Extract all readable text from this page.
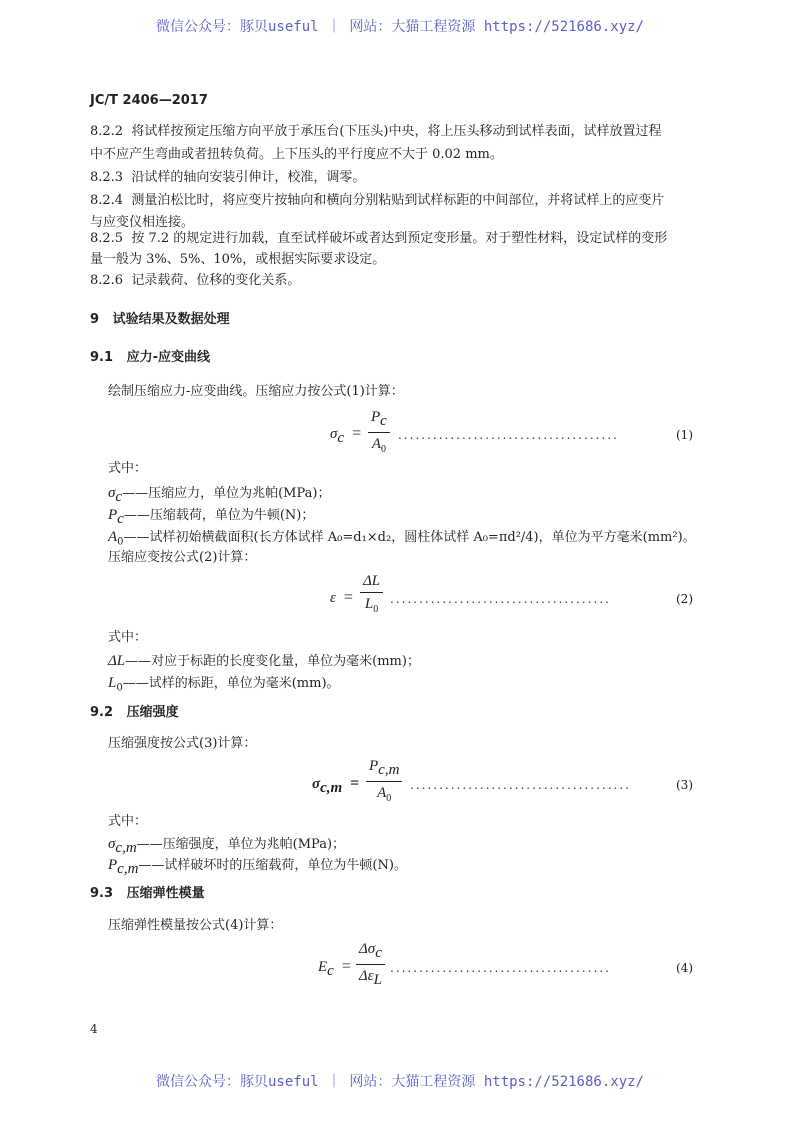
微信公众号：豚贝useful ｜ 网站：大猫工程资源 https://521686.xyz/
JC/T 2406—2017
8.2.2 将试样按预定压缩方向平放于承压台(下压头)中央，将上压头移动到试样表面，试样放置过程
中不应产生弯曲或者扭转负荷。上下压头的平行度应不大于 0.02 mm。
8.2.3 沿试样的轴向安装引伸计，校准，调零。
8.2.4 测量泊松比时，将应变片按轴向和横向分别粘贴到试样标距的中间部位，并将试样上的应变片
与应变仪相连接。
8.2.5 按 7.2 的规定进行加载，直至试样破坏或者达到预定变形量。对于塑性材料，设定试样的变形
量一般为 3%、5%、10%，或根据实际要求设定。
8.2.6 记录载荷、位移的变化关系。
9 试验结果及数据处理
9.1 应力-应变曲线
绘制压缩应力-应变曲线。压缩应力按公式(1)计算：
$\sigma_c = \frac{P_c}{A_0}$ ......................................	(1)
式中：
$\sigma_c——$压缩应力，单位为兆帕(MPa)；
$P_c——$压缩载荷，单位为牛顿(N)；
$A_0——$试样初始横截面积(长方体试样 A₀=d₁×d₂，圆柱体试样 A₀=πd²/4)，单位为平方毫米(mm²)。
压缩应变按公式(2)计算：
$\varepsilon = \frac{\Delta L}{L_0}$ ......................................	(2)
式中：
ΔL——对应于标距的长度变化量，单位为毫米(mm)；
$L_0——$试样的标距，单位为毫米(mm)。
9.2 压缩强度
压缩强度按公式(3)计算：
$\sigma_{c,m} = \frac{P_{c,m}}{A_0}$ ......................................	(3)
式中：
$\sigma_{c,m}——$压缩强度，单位为兆帕(MPa)；
$P_{c,m}——$试样破坏时的压缩载荷，单位为牛顿(N)。
9.3 压缩弹性模量
压缩弹性模量按公式(4)计算：
$E_c$  =
$\Delta\sigma_c$
$\Delta\varepsilon_L$
......................................	(4)
4
微信公众号：豚贝useful ｜ 网站：大猫工程资源 https://521686.xyz/
